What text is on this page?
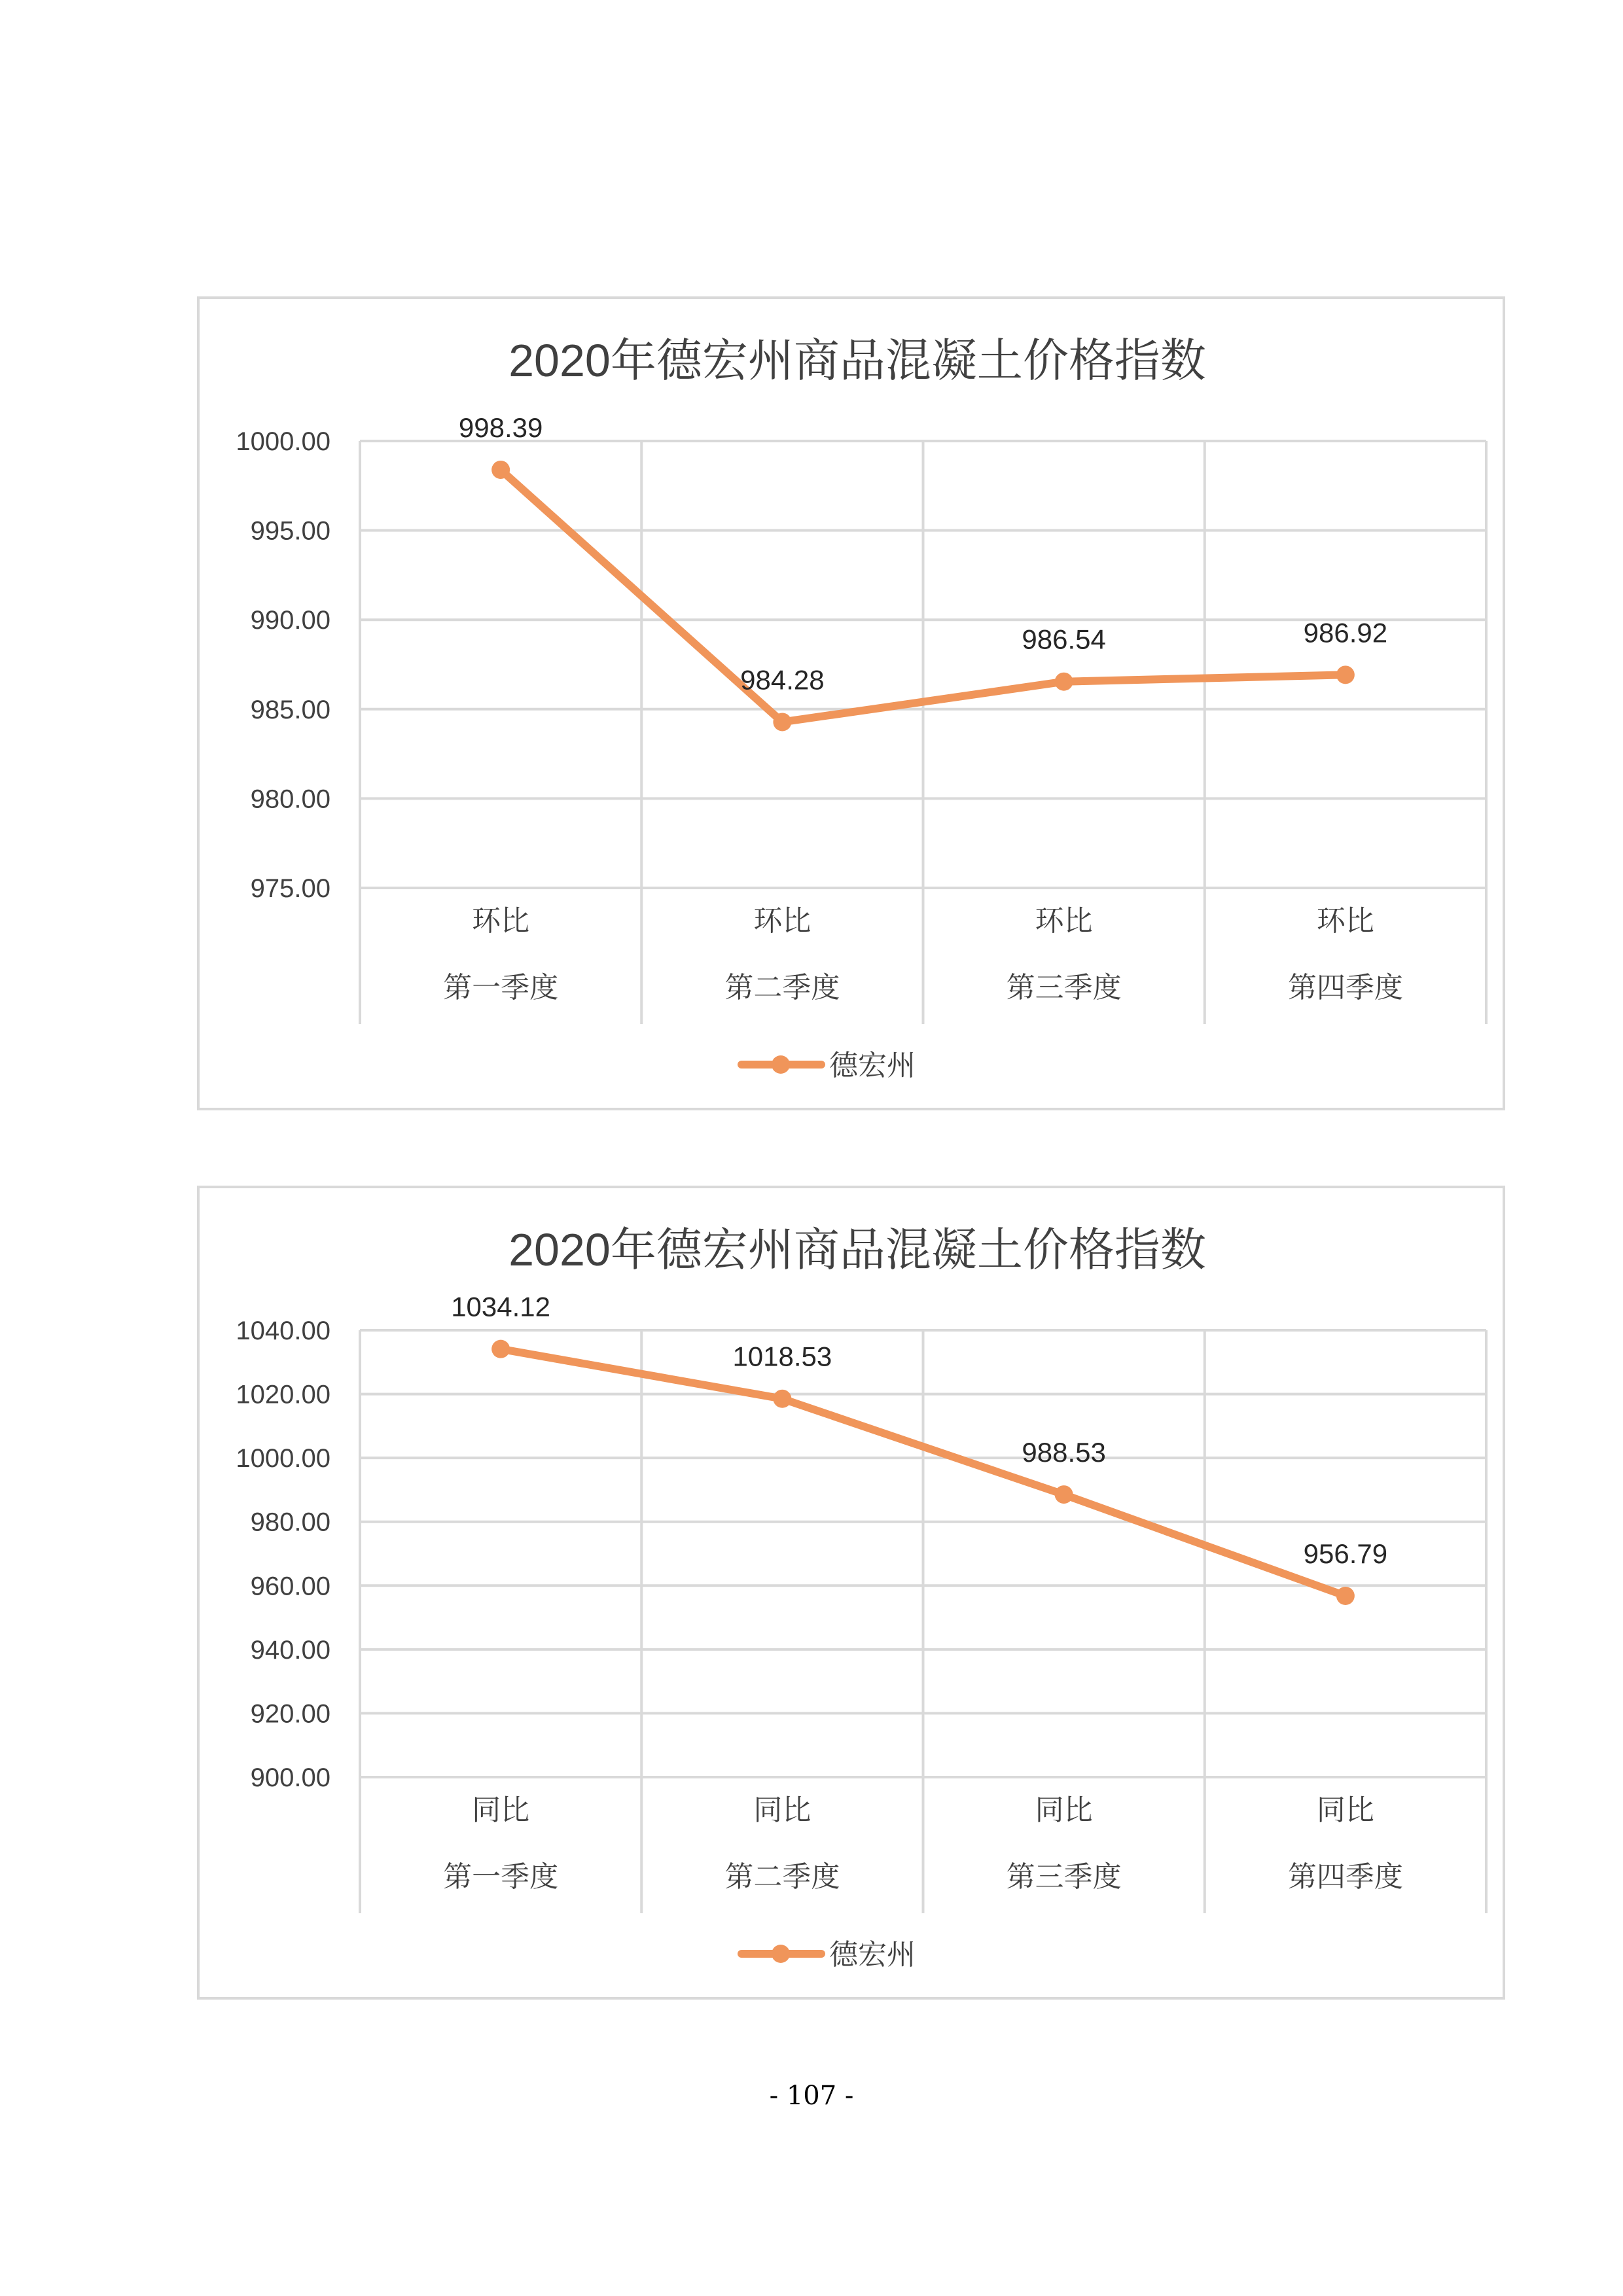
2020年德宏州商品混凝土价格指数
1000.00
995.00
990.00
985.00
980.00
975.00
环比
第一季度
环比
第二季度
环比
第三季度
环比
第四季度
998.39
984.28
986.54	986.92
德宏州
2020年德宏州商品混凝土价格指数
1040.00
1020.00
1000.00
980.00
960.00
940.00
920.00
900.00
同比
第一季度
同比
第二季度
同比
第三季度
同比
第四季度
1034.12
1018.53
988.53
956.79
德宏州
- 107 -
